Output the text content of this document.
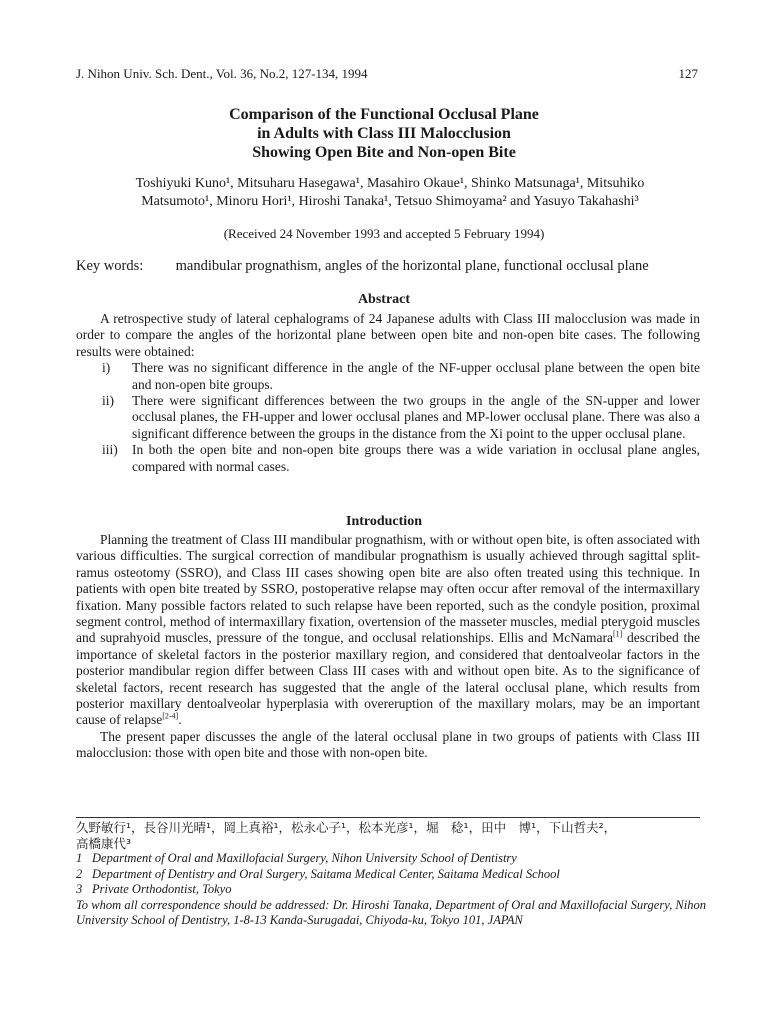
J. Nihon Univ. Sch. Dent., Vol. 36, No.2, 127-134, 1994	127
Comparison of the Functional Occlusal Plane
in Adults with Class III Malocclusion
Showing Open Bite and Non-open Bite
Toshiyuki Kuno¹, Mitsuharu Hasegawa¹, Masahiro Okaue¹, Shinko Matsunaga¹, Mitsuhiko
Matsumoto¹, Minoru Hori¹, Hiroshi Tanaka¹, Tetsuo Shimoyama² and Yasuyo Takahashi³
(Received 24 November 1993 and accepted 5 February 1994)
Key words: mandibular prognathism, angles of the horizontal plane, functional occlusal plane
Abstract

A retrospective study of lateral cephalograms of 24 Japanese adults with Class III malocclusion was made in order to compare the angles of the horizontal plane between open bite and non-open bite cases. The following results were obtained:

i) There was no significant difference in the angle of the NF-upper occlusal plane between the open bite and non-open bite groups.
ii) There were significant differences between the two groups in the angle of the SN-upper and lower occlusal planes, the FH-upper and lower occlusal planes and MP-lower occlusal plane. There was also a significant difference between the groups in the distance from the Xi point to the upper occlusal plane.
iii) In both the open bite and non-open bite groups there was a wide variation in occlusal plane angles, compared with normal cases.
Introduction

Planning the treatment of Class III mandibular prognathism, with or without open bite, is often associated with various difficulties. The surgical correction of mandibular prognathism is usually achieved through sagittal split-ramus osteotomy (SSRO), and Class III cases showing open bite are also often treated using this technique. In patients with open bite treated by SSRO, postoperative relapse may often occur after removal of the intermaxillary fixation. Many possible factors related to such relapse have been reported, such as the condyle position, proximal segment control, method of intermaxillary fixation, overtension of the masseter muscles, medial pterygoid muscles and suprahyoid muscles, pressure of the tongue, and occlusal relationships. Ellis and McNamara[1] described the importance of skeletal factors in the posterior maxillary region, and considered that dentoalveolar factors in the posterior mandibular region differ between Class III cases with and without open bite. As to the significance of skeletal factors, recent research has suggested that the angle of the lateral occlusal plane, which results from posterior maxillary dentoalveolar hyperplasia with overeruption of the maxillary molars, may be an important cause of relapse[2-4].

The present paper discusses the angle of the lateral occlusal plane in two groups of patients with Class III malocclusion: those with open bite and those with non-open bite.

久野敏行¹，長谷川光晴¹，岡上真裕¹，松永心子¹，松本光彦¹，堀　稔¹，田中　博¹，下山哲夫²，
高橋康代³
1 Department of Oral and Maxillofacial Surgery, Nihon University School of Dentistry
2 Department of Dentistry and Oral Surgery, Saitama Medical Center, Saitama Medical School
3 Private Orthodontist, Tokyo
To whom all correspondence should be addressed: Dr. Hiroshi Tanaka, Department of Oral and Maxillofacial Surgery, Nihon University School of Dentistry, 1-8-13 Kanda-Surugadai, Chiyoda-ku, Tokyo 101, JAPAN
